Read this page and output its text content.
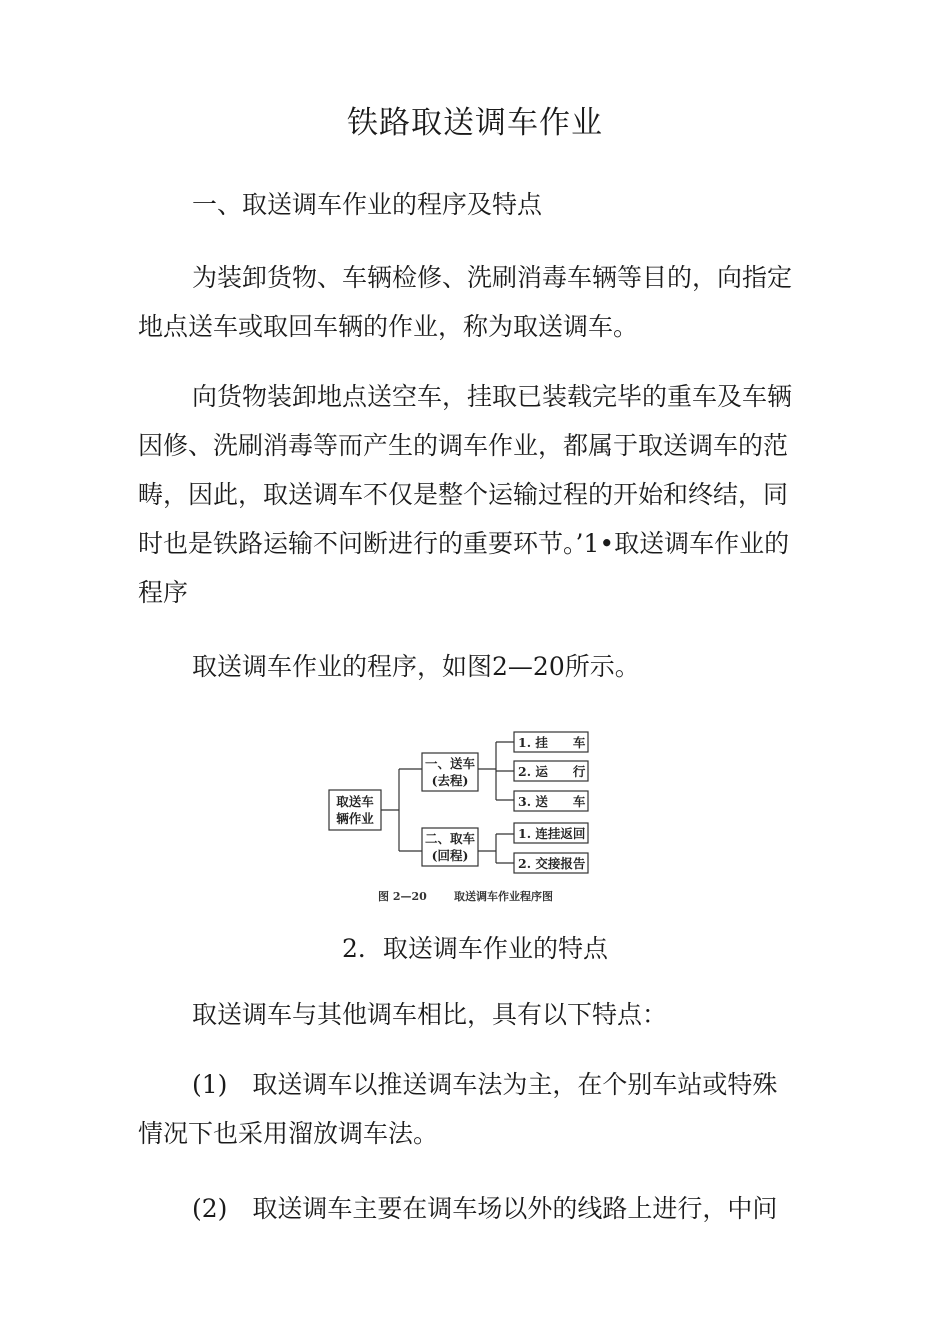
铁路取送调车作业

一、取送调车作业的程序及特点

为装卸货物、车辆检修、洗刷消毒车辆等目的，向指定地点送车或取回车辆的作业，称为取送调车。

向货物装卸地点送空车，挂取已装载完毕的重车及车辆因修、洗刷消毒等而产生的调车作业，都属于取送调车的范畴，因此，取送调车不仅是整个运输过程的开始和终结，同时也是铁路运输不问断进行的重要环节。’1•取送调车作业的程序

取送调车作业的程序，如图2—20所示。

取送车
辆作业
一、送车
(去程)
二、取车
(回程)
1. 挂　　车
2. 运　　行
3. 送　　车
1. 连挂返回
2. 交接报告
图 2—20 取送调车作业程序图

2．取送调车作业的特点

取送调车与其他调车相比，具有以下特点：

(1)　取送调车以推送调车法为主，在个别车站或特殊情况下也采用溜放调车法。

(2)　取送调车主要在调车场以外的线路上进行，中问
